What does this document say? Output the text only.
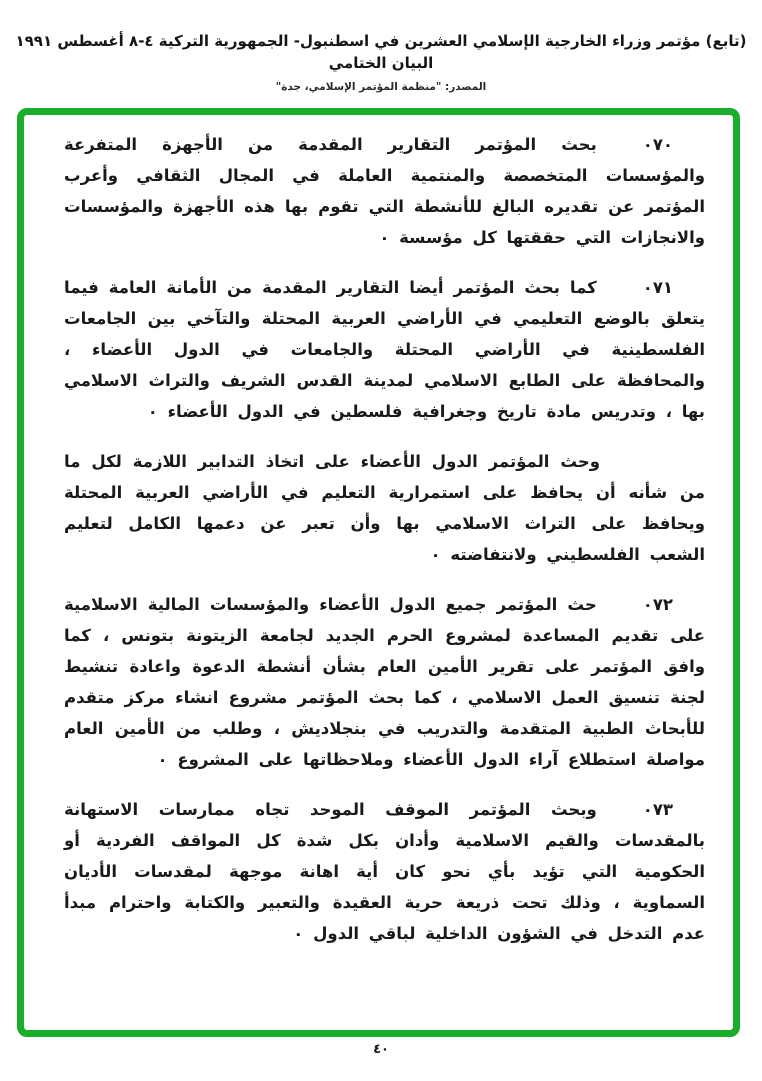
(تابع) مؤتمر وزراء الخارجية الإسلامي العشرين في اسطنبول- الجمهورية التركية ٤-٨ أغسطس ١٩٩١ البيان الختامي
المصدر: "منظمة المؤتمر الإسلامي، جدة"
٠٧٠
بحث المؤتمر التقارير المقدمة من الأجهزة المتفرعة والمؤسسات المتخصصة والمنتمية العاملة في المجال الثقافي وأعرب المؤتمر عن تقديره البالغ للأنشطة التي تقوم بها هذه الأجهزة والمؤسسات والانجازات التي حققتها كل مؤسسة ٠
٠٧١
كما بحث المؤتمر أيضا التقارير المقدمة من الأمانة العامة فيما يتعلق بالوضع التعليمي في الأراضي العربية المحتلة والتآخي بين الجامعات الفلسطينية في الأراضي المحتلة والجامعات في الدول الأعضاء ، والمحافظة على الطابع الاسلامي لمدينة القدس الشريف والتراث الاسلامي بها ، وتدريس مادة تاريخ وجغرافية فلسطين في الدول الأعضاء ٠
وحث المؤتمر الدول الأعضاء على اتخاذ التدابير اللازمة لكل ما من شأنه أن يحافظ على استمرارية التعليم في الأراضي العربية المحتلة ويحافظ على التراث الاسلامي بها وأن تعبر عن دعمها الكامل لتعليم الشعب الفلسطيني ولانتفاضته ٠
٠٧٢
حث المؤتمر جميع الدول الأعضاء والمؤسسات المالية الاسلامية على تقديم المساعدة لمشروع الحرم الجديد لجامعة الزيتونة بتونس ، كما وافق المؤتمر على تقرير الأمين العام بشأن أنشطة الدعوة واعادة تنشيط لجنة تنسيق العمل الاسلامي ، كما بحث المؤتمر مشروع انشاء مركز متقدم للأبحاث الطبية المتقدمة والتدريب في بنجلاديش ، وطلب من الأمين العام مواصلة استطلاع آراء الدول الأعضاء وملاحظاتها على المشروع ٠
٠٧٣
وبحث المؤتمر الموقف الموحد تجاه ممارسات الاستهانة بالمقدسات والقيم الاسلامية وأدان بكل شدة كل المواقف الفردية أو الحكومية التي تؤيد بأي نحو كان أية اهانة موجهة لمقدسات الأديان السماوية ، وذلك تحت ذريعة حرية العقيدة والتعبير والكتابة واحترام مبدأ عدم التدخل في الشؤون الداخلية لباقي الدول ٠
٤٠
